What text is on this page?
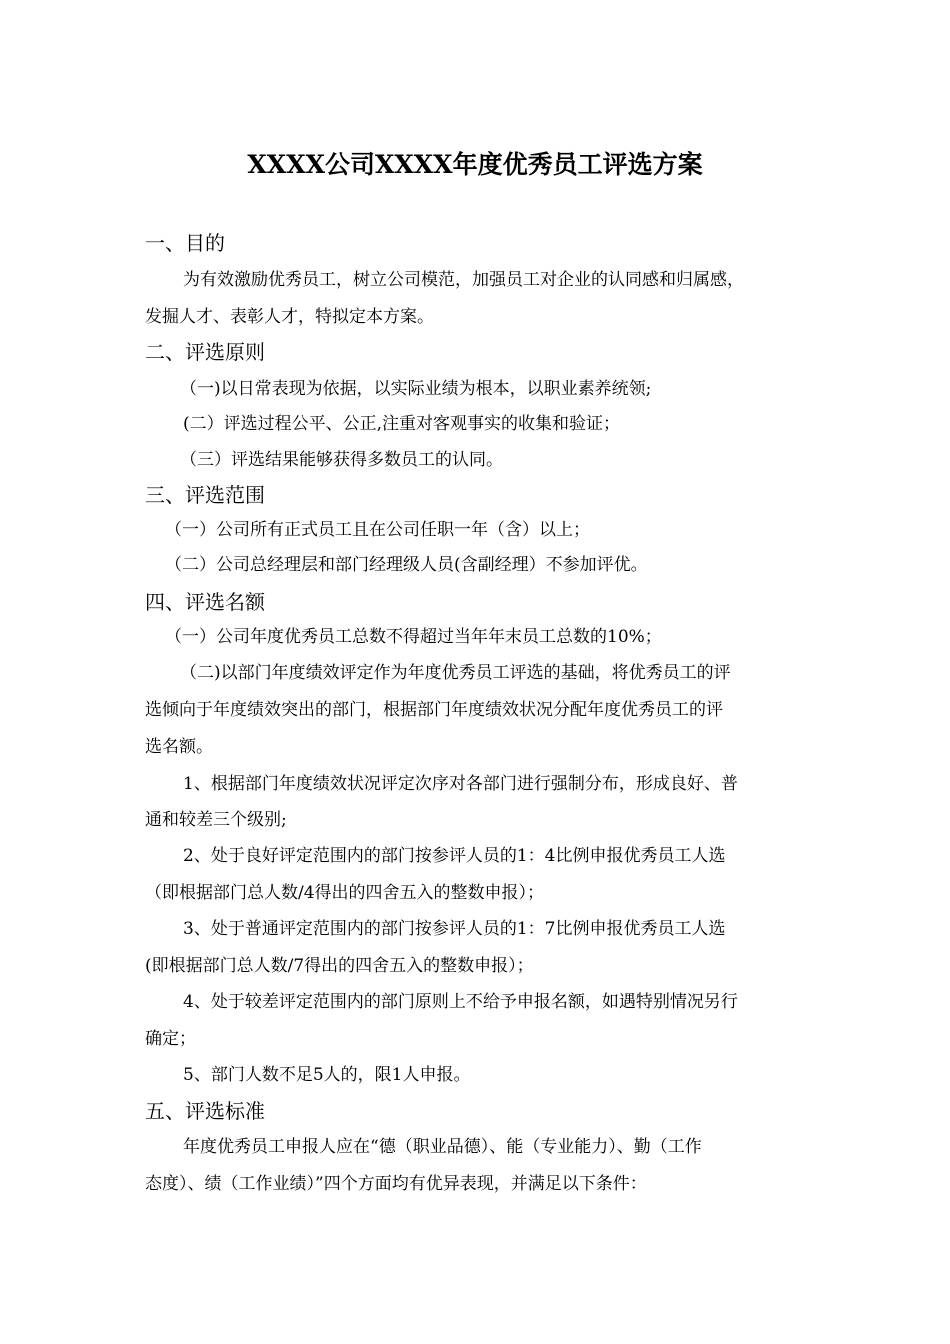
XXXX公司XXXX年度优秀员工评选方案
一、目的
为有效激励优秀员工，树立公司模范，加强员工对企业的认同感和归属感，
发掘人才、表彰人才，特拟定本方案。
二、评选原则
（一)以日常表现为依据，以实际业绩为根本，以职业素养统领;
(二）评选过程公平、公正,注重对客观事实的收集和验证；
（三）评选结果能够获得多数员工的认同。
三、评选范围
（一）公司所有正式员工且在公司任职一年（含）以上；
（二）公司总经理层和部门经理级人员(含副经理）不参加评优。
四、评选名额
（一）公司年度优秀员工总数不得超过当年年末员工总数的10%；
（二)以部门年度绩效评定作为年度优秀员工评选的基础，将优秀员工的评
选倾向于年度绩效突出的部门，根据部门年度绩效状况分配年度优秀员工的评
选名额。
1、根据部门年度绩效状况评定次序对各部门进行强制分布，形成良好、普
通和较差三个级别;
2、处于良好评定范围内的部门按参评人员的1：4比例申报优秀员工人选
（即根据部门总人数/4得出的四舍五入的整数申报）；
3、处于普通评定范围内的部门按参评人员的1：7比例申报优秀员工人选
(即根据部门总人数/7得出的四舍五入的整数申报）；
4、处于较差评定范围内的部门原则上不给予申报名额，如遇特别情况另行
确定；
5、部门人数不足5人的，限1人申报。
五、评选标准
年度优秀员工申报人应在“德（职业品德）、能（专业能力）、勤（工作
态度）、绩（工作业绩）”四个方面均有优异表现，并满足以下条件：
